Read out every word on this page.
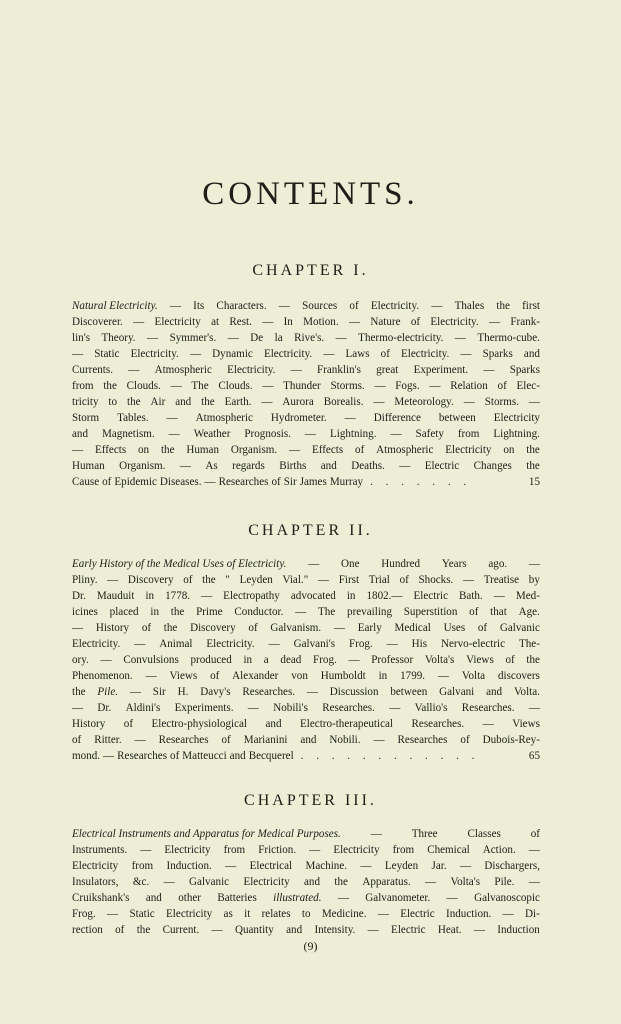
CONTENTS.
CHAPTER I.
Natural Electricity. — Its Characters. — Sources of Electricity. — Thales the first
Discoverer. — Electricity at Rest. — In Motion. — Nature of Electricity. — Frank-
lin's Theory. — Symmer's. — De la Rive's. — Thermo-electricity. — Thermo-cube.
— Static Electricity. — Dynamic Electricity. — Laws of Electricity. — Sparks and
Currents. — Atmospheric Electricity. — Franklin's great Experiment. — Sparks
from the Clouds. — The Clouds. — Thunder Storms. — Fogs. — Relation of Elec-
tricity to the Air and the Earth. — Aurora Borealis. — Meteorology. — Storms. —
Storm Tables. — Atmospheric Hydrometer. — Difference between Electricity
and Magnetism. — Weather Prognosis. — Lightning. — Safety from Lightning.
— Effects on the Human Organism. — Effects of Atmospheric Electricity on the
Human Organism. — As regards Births and Deaths. — Electric Changes the
Cause of Epidemic Diseases. — Researches of Sir James Murray . . . . . . .	15
CHAPTER II.
Early History of the Medical Uses of Electricity. — One Hundred Years ago. —
Pliny. — Discovery of the " Leyden Vial." — First Trial of Shocks. — Treatise by
Dr. Mauduit in 1778. — Electropathy advocated in 1802.— Electric Bath. — Med-
icines placed in the Prime Conductor. — The prevailing Superstition of that Age.
— History of the Discovery of Galvanism. — Early Medical Uses of Galvanic
Electricity. — Animal Electricity. — Galvani's Frog. — His Nervo-electric The-
ory. — Convulsions produced in a dead Frog. — Professor Volta's Views of the
Phenomenon. — Views of Alexander von Humboldt in 1799. — Volta discovers
the Pile. — Sir H. Davy's Researches. — Discussion between Galvani and Volta.
— Dr. Aldini's Experiments. — Nobili's Researches. — Vallio's Researches. —
History of Electro-physiological and Electro-therapeutical Researches. — Views
of Ritter. — Researches of Marianini and Nobili. — Researches of Dubois-Rey-
mond. — Researches of Matteucci and Becquerel . . . . . . . . . . . .	65
CHAPTER III.
Electrical Instruments and Apparatus for Medical Purposes.	—	Three	Classes	of
Instruments. — Electricity from Friction. — Electricity from Chemical Action. —
Electricity from Induction. — Electrical Machine. — Leyden Jar. — Dischargers,
Insulators, &c. — Galvanic Electricity and the Apparatus. — Volta's Pile. —
Cruikshank's and other Batteries illustrated. — Galvanometer. — Galvanoscopic
Frog. — Static Electricity as it relates to Medicine. — Electric Induction. — Di-
rection of the Current. — Quantity and Intensity. — Electric Heat. — Induction
(9)
